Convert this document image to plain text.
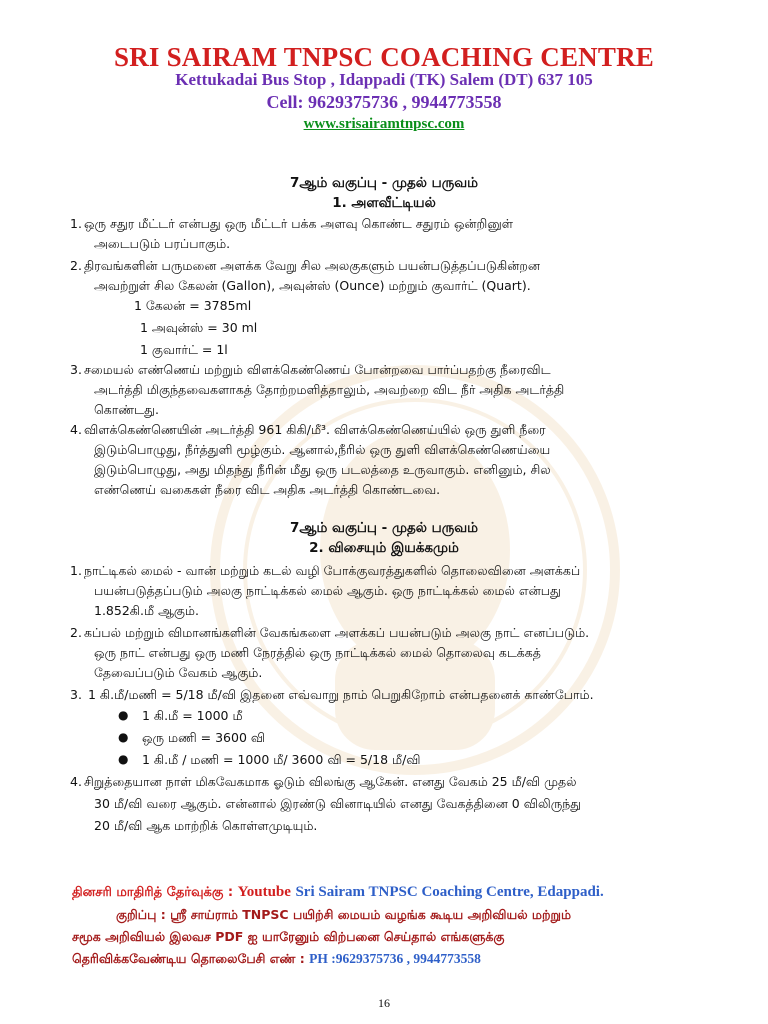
SRI SAIRAM TNPSC COACHING CENTRE
Kettukadai Bus Stop , Idappadi (TK) Salem (DT) 637 105
Cell: 9629375736 , 9944773558
www.srisairamtnpsc.com
7ஆம் வகுப்பு - முதல் பருவம்
1. அளவீட்டியல்
1. ஒரு சதுர மீட்டர் என்பது ஒரு மீட்டர் பக்க அளவு கொண்ட சதுரம் ஒன்றினுள்
அடைபடும் பரப்பாகும்.
2. திரவங்களின் பருமனை அளக்க வேறு சில அலகுகளும் பயன்படுத்தப்படுகின்றன
அவற்றுள் சில கேலன் (Gallon), அவுன்ஸ் (Ounce) மற்றும் குவார்ட் (Quart).
1 கேலன் = 3785ml
1 அவுன்ஸ் = 30 ml
1 குவார்ட் = 1l
3. சமையல் எண்ணெய் மற்றும் விளக்கெண்ணெய் போன்றவை பார்ப்பதற்கு நீரைவிட
அடர்த்தி மிகுந்தவைகளாகத் தோற்றமளித்தாலும், அவற்றை விட நீர் அதிக அடர்த்தி
கொண்டது.
4. விளக்கெண்ணெயின் அடர்த்தி 961 கிகி/மீ³. விளக்கெண்ணெய்யில் ஒரு துளி நீரை
இடும்பொழுது, நீர்த்துளி மூழ்கும். ஆனால்,நீரில் ஒரு துளி விளக்கெண்ணெய்யை
இடும்பொழுது, அது மிதந்து நீரின் மீது ஒரு படலத்தை உருவாகும். எனினும், சில
எண்ணெய் வகைகள் நீரை விட அதிக அடர்த்தி கொண்டவை.
7ஆம் வகுப்பு - முதல் பருவம்
2. விசையும் இயக்கமும்
1. நாட்டிகல் மைல் - வான் மற்றும் கடல் வழி போக்குவரத்துகளில் தொலைவினை அளக்கப்
பயன்படுத்தப்படும் அலகு நாட்டிக்கல் மைல் ஆகும். ஒரு நாட்டிக்கல் மைல் என்பது
1.852கி.மீ ஆகும்.
2. கப்பல் மற்றும் விமானங்களின் வேகங்களை அளக்கப் பயன்படும் அலகு நாட் எனப்படும்.
ஒரு நாட் என்பது ஒரு மணி நேரத்தில் ஒரு நாட்டிக்கல் மைல் தொலைவு கடக்கத்
தேவைப்படும் வேகம் ஆகும்.
3. 1 கி.மீ/மணி = 5/18 மீ/வி இதனை எவ்வாறு நாம் பெறுகிறோம் என்பதனைக் காண்போம்.
● 1 கி.மீ = 1000 மீ
● ஒரு மணி = 3600 வி
● 1 கி.மீ / மணி = 1000 மீ/ 3600 வி = 5/18 மீ/வி
4. சிறுத்தையான நாள் மிகவேகமாக ஓடும் விலங்கு ஆகேன். எனது வேகம் 25 மீ/வி முதல்
30 மீ/வி வரை ஆகும். என்னால் இரண்டு வினாடியில் எனது வேகத்தினை 0 விலிருந்து
20 மீ/வி ஆக மாற்றிக் கொள்ளமுடியும்.
தினசரி மாதிரித் தேர்வுக்கு : Youtube Sri Sairam TNPSC Coaching Centre, Edappadi.
குறிப்பு : ஸ்ரீ சாய்ராம் TNPSC பயிற்சி மையம் வழங்க கூடிய அறிவியல் மற்றும்
சமூக அறிவியல் இலவச PDF ஐ யாரேனும் விற்பனை செய்தால் எங்களுக்கு
தெரிவிக்கவேண்டிய தொலைபேசி எண் : PH :9629375736 , 9944773558
16
